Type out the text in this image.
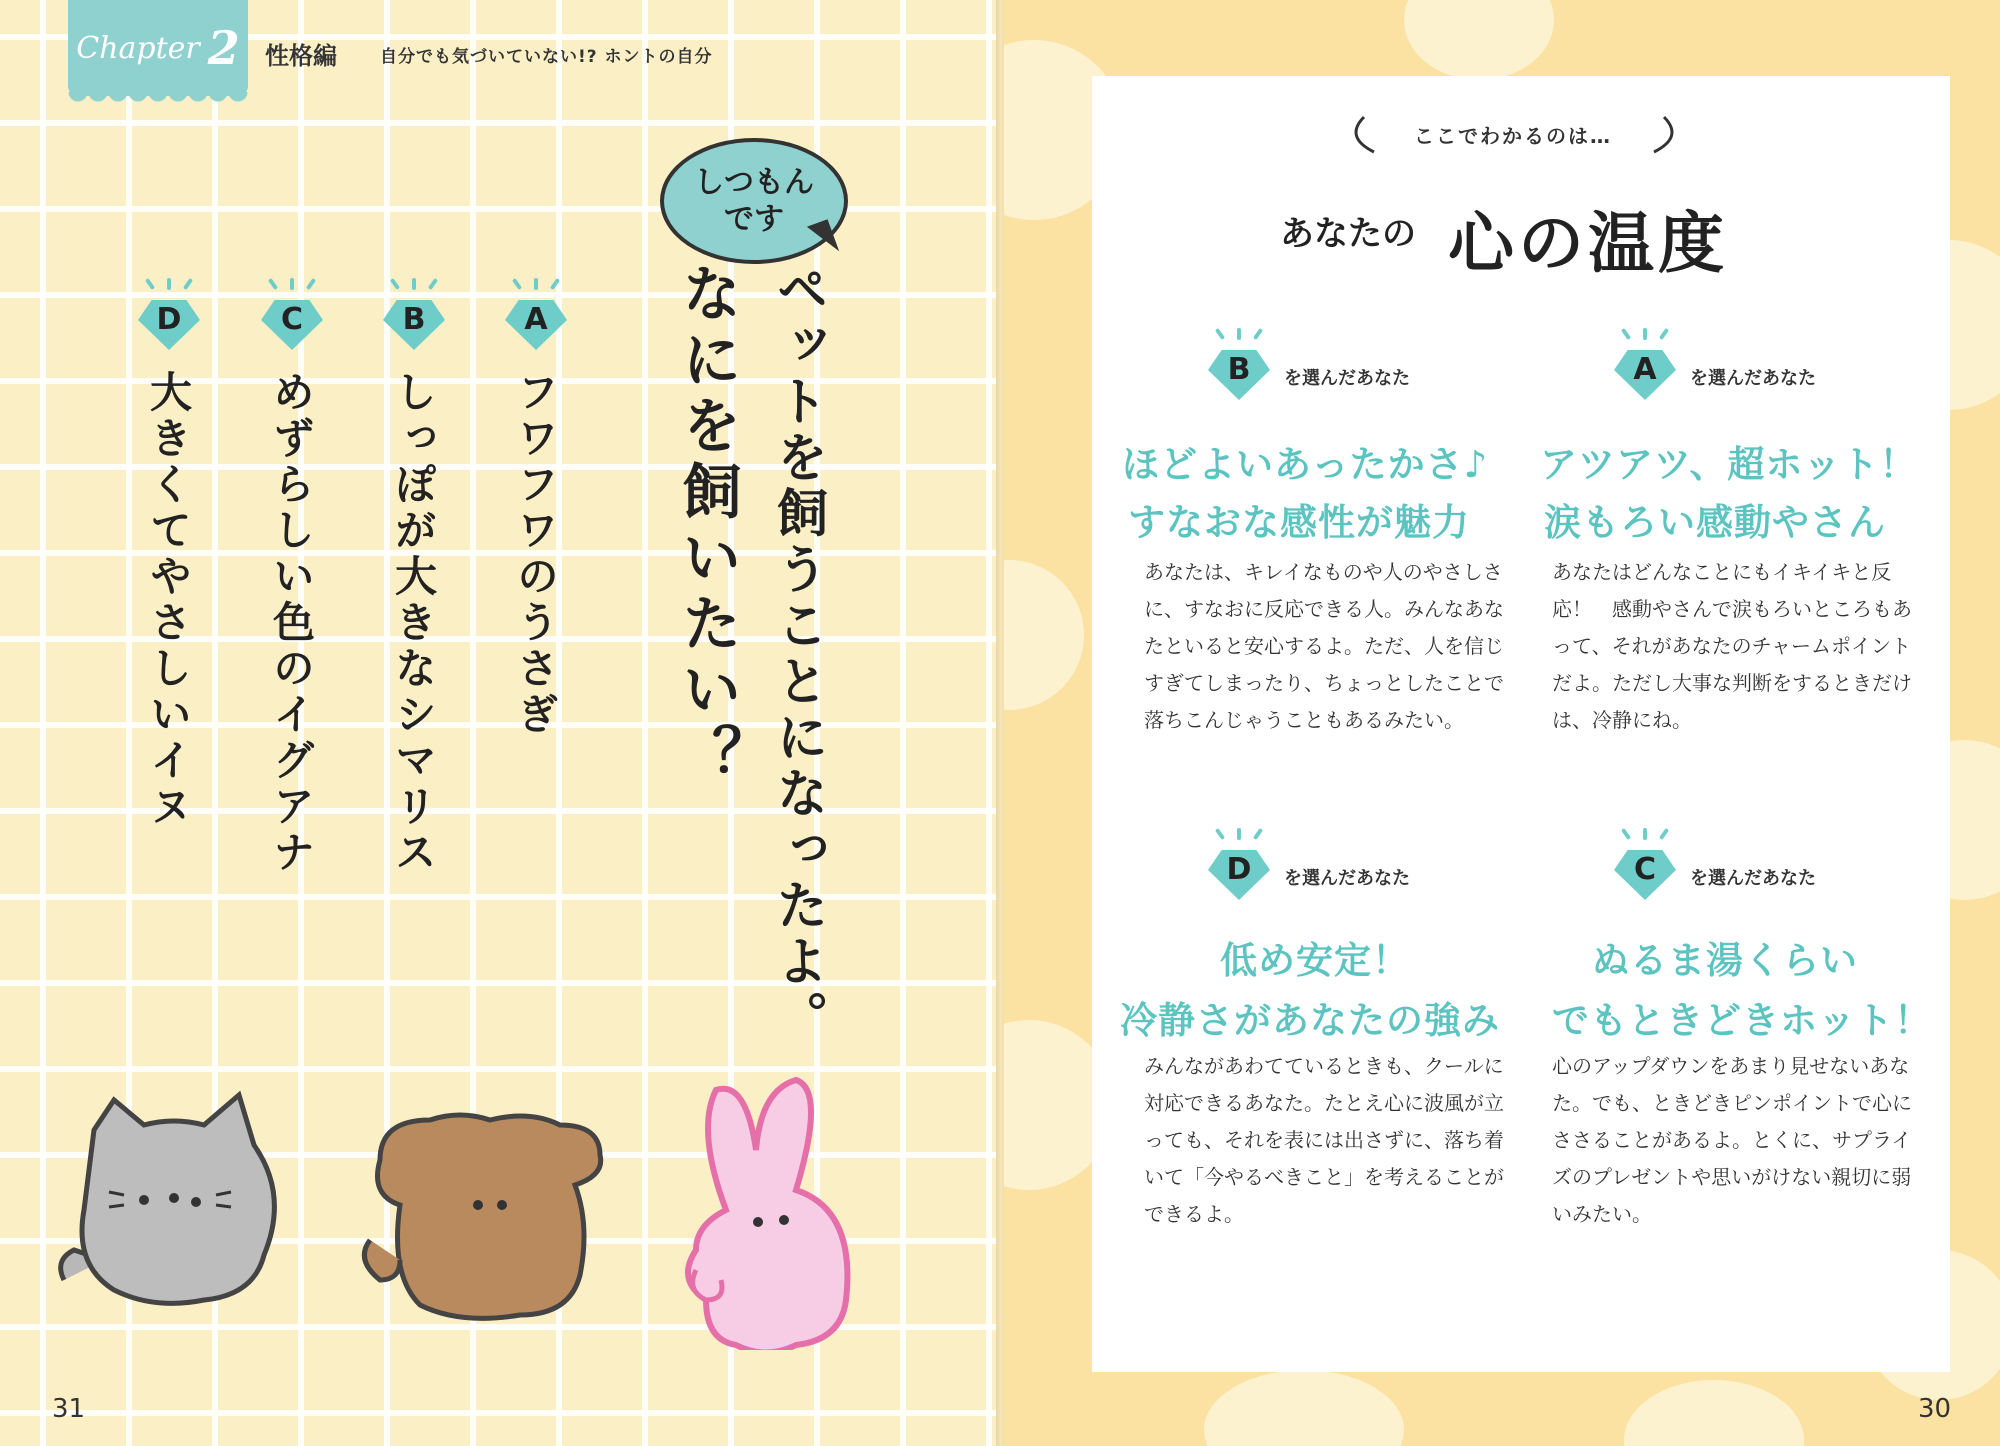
Chapter 2 性格編	自分でも気づいていない!? ホントの自分
しつもん
です
ペットを飼うことになったよ。
なにを飼いたい？
A
B
C
D
フワフワのうさぎ
しっぽが大きなシマリス
めずらしい色のイグアナ
大きくてやさしいイヌ
31
ここでわかるのは…
あなたの 心の温度
B	を選んだあなた
ほどよいあったかさ♪
すなおな感性が魅力
あなたは、キレイなものや人のやさしさに、すなおに反応できる人。みんなあなたといると安心するよ。ただ、人を信じすぎてしまったり、ちょっとしたことで落ちこんじゃうこともあるみたい。
A	を選んだあなた
アツアツ、超ホット！
涙もろい感動やさん
あなたはどんなことにもイキイキと反応！　感動やさんで涙もろいところもあって、それがあなたのチャームポイントだよ。ただし大事な判断をするときだけは、冷静にね。
D	を選んだあなた
低め安定！
冷静さがあなたの強み
みんながあわてているときも、クールに対応できるあなた。たとえ心に波風が立っても、それを表には出さずに、落ち着いて「今やるべきこと」を考えることができるよ。
C	を選んだあなた
ぬるま湯くらい
でもときどきホット！
心のアップダウンをあまり見せないあなた。でも、ときどきピンポイントで心にささることがあるよ。とくに、サプライズのプレゼントや思いがけない親切に弱いみたい。
30
